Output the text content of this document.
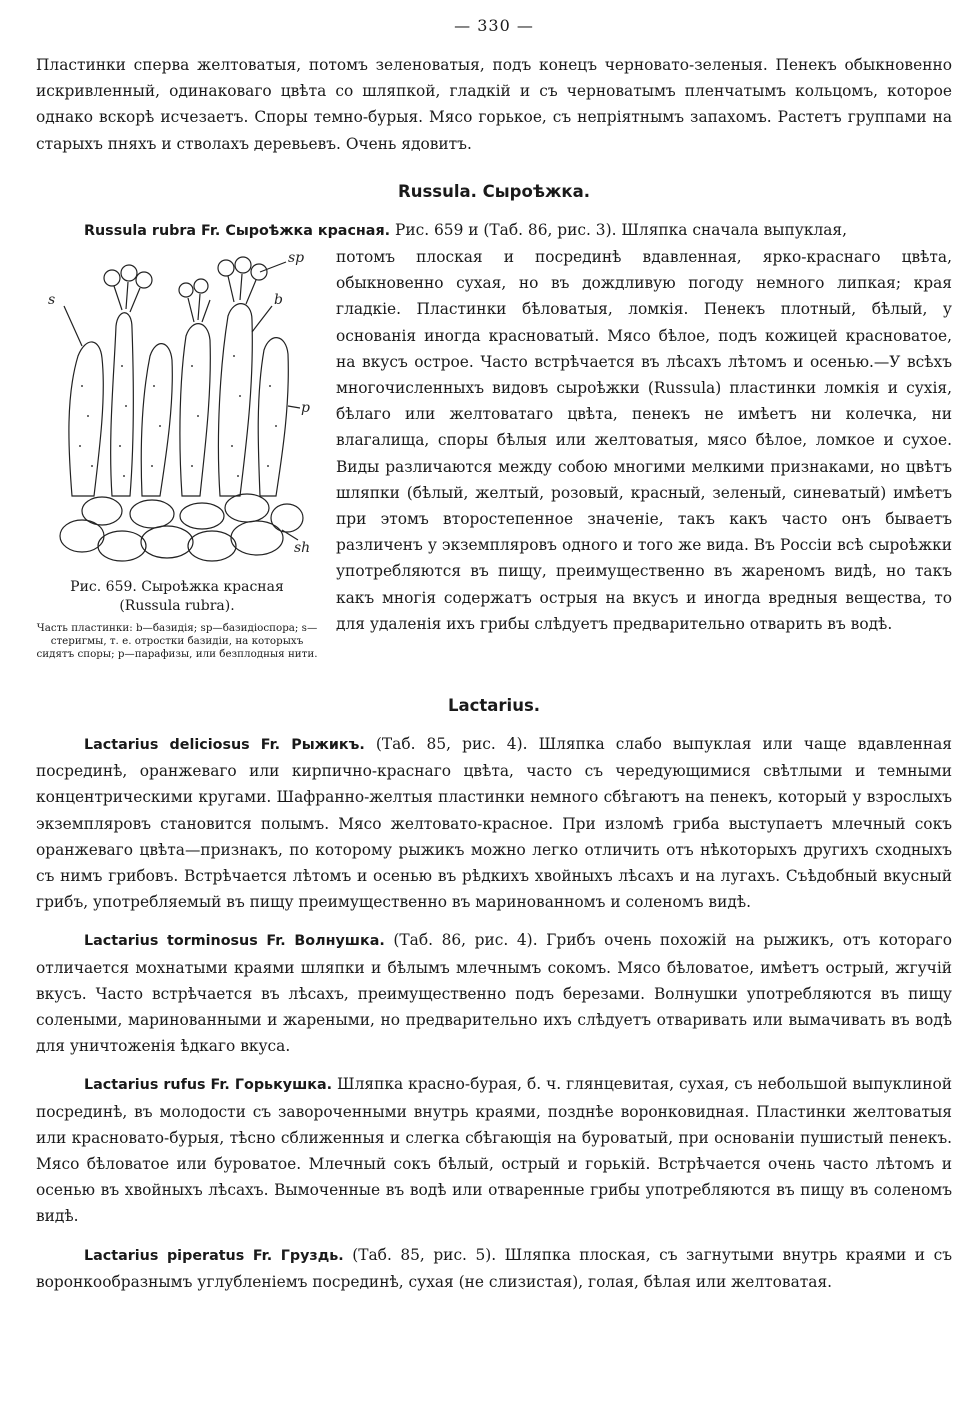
— 330 —

Пластинки сперва желтоватыя, потомъ зеленоватыя, подъ конецъ черновато-зеленыя. Пенекъ обыкновенно искривленный, одинаковаго цвѣта со шляпкой, гладкій и съ черноватымъ пленчатымъ кольцомъ, которое однако вскорѣ исчезаетъ. Споры темно-бурыя. Мясо горькое, съ непріятнымъ запахомъ. Растетъ группами на старыхъ пняхъ и стволахъ деревьевъ. Очень ядовитъ.

Russula. Сыроѣжка.

Russula rubra Fr. Сыроѣжка красная. Рис. 659 и (Таб. 86, рис. 3). Шляпка сначала выпуклая,

sp
s	b
p
sh
Рис. 659. Сыроѣжка красная
(Russula rubra).
Часть пластинки: b—базидія; sp—базидіоспора; s—стеригмы, т. е. отростки базидіи, на которыхъ сидятъ споры; p—парафизы, или безплодныя нити.

потомъ плоская и посрединѣ вдавленная, ярко-краснаго цвѣта, обыкновенно сухая, но въ дождливую погоду немного липкая; края гладкіе. Пластинки бѣловатыя, ломкія. Пенекъ плотный, бѣлый, у основанія иногда красноватый. Мясо бѣлое, подъ кожицей красноватое, на вкусъ острое. Часто встрѣчается въ лѣсахъ лѣтомъ и осенью.—У всѣхъ многочисленныхъ видовъ сыроѣжки (Russula) пластинки ломкія и сухія, бѣлаго или желтоватаго цвѣта, пенекъ не имѣетъ ни колечка, ни влагалища, споры бѣлыя или желтоватыя, мясо бѣлое, ломкое и сухое. Виды различаются между собою многими мелкими признаками, но цвѣтъ шляпки (бѣлый, желтый, розовый, красный, зеленый, синеватый) имѣетъ при этомъ второстепенное значеніе, такъ какъ часто онъ бываетъ различенъ у экземпляровъ одного и того же вида. Въ Россіи всѣ сыроѣжки употребляются въ пищу, преимущественно въ жареномъ видѣ, но такъ какъ многія содержатъ острыя на вкусъ и иногда вредныя вещества, то для удаленія ихъ грибы слѣдуетъ предварительно отварить въ водѣ.

Lactarius.

Lactarius deliciosus Fr. Рыжикъ. (Таб. 85, рис. 4). Шляпка слабо выпуклая или чаще вдавленная посрединѣ, оранжеваго или кирпично-краснаго цвѣта, часто съ чередующимися свѣтлыми и темными концентрическими кругами. Шафранно-желтыя пластинки немного сбѣгаютъ на пенекъ, который у взрослыхъ экземпляровъ становится полымъ. Мясо желтовато-красное. При изломѣ гриба выступаетъ млечный сокъ оранжеваго цвѣта—признакъ, по которому рыжикъ можно легко отличить отъ нѣкоторыхъ другихъ сходныхъ съ нимъ грибовъ. Встрѣчается лѣтомъ и осенью въ рѣдкихъ хвойныхъ лѣсахъ и на лугахъ. Съѣдобный вкусный грибъ, употребляемый въ пищу преимущественно въ маринованномъ и соленомъ видѣ.

Lactarius torminosus Fr. Волнушка. (Таб. 86, рис. 4). Грибъ очень похожій на рыжикъ, отъ котораго отличается мохнатыми краями шляпки и бѣлымъ млечнымъ сокомъ. Мясо бѣловатое, имѣетъ острый, жгучій вкусъ. Часто встрѣчается въ лѣсахъ, преимущественно подъ березами. Волнушки употребляются въ пищу солеными, маринованными и жареными, но предварительно ихъ слѣдуетъ отваривать или вымачивать въ водѣ для уничтоженія ѣдкаго вкуса.

Lactarius rufus Fr. Горькушка. Шляпка красно-бурая, б. ч. глянцевитая, сухая, съ небольшой выпуклиной посрединѣ, въ молодости съ завороченными внутрь краями, позднѣе воронковидная. Пластинки желтоватыя или красновато-бурыя, тѣсно сближенныя и слегка сбѣгающія на буроватый, при основаніи пушистый пенекъ. Мясо бѣловатое или буроватое. Млечный сокъ бѣлый, острый и горькій. Встрѣчается очень часто лѣтомъ и осенью въ хвойныхъ лѣсахъ. Вымоченные въ водѣ или отваренные грибы употребляются въ пищу въ соленомъ видѣ.

Lactarius piperatus Fr. Груздь. (Таб. 85, рис. 5). Шляпка плоская, съ загнутыми внутрь краями и съ воронкообразнымъ углубленіемъ посрединѣ, сухая (не слизистая), голая, бѣлая или желтоватая.
